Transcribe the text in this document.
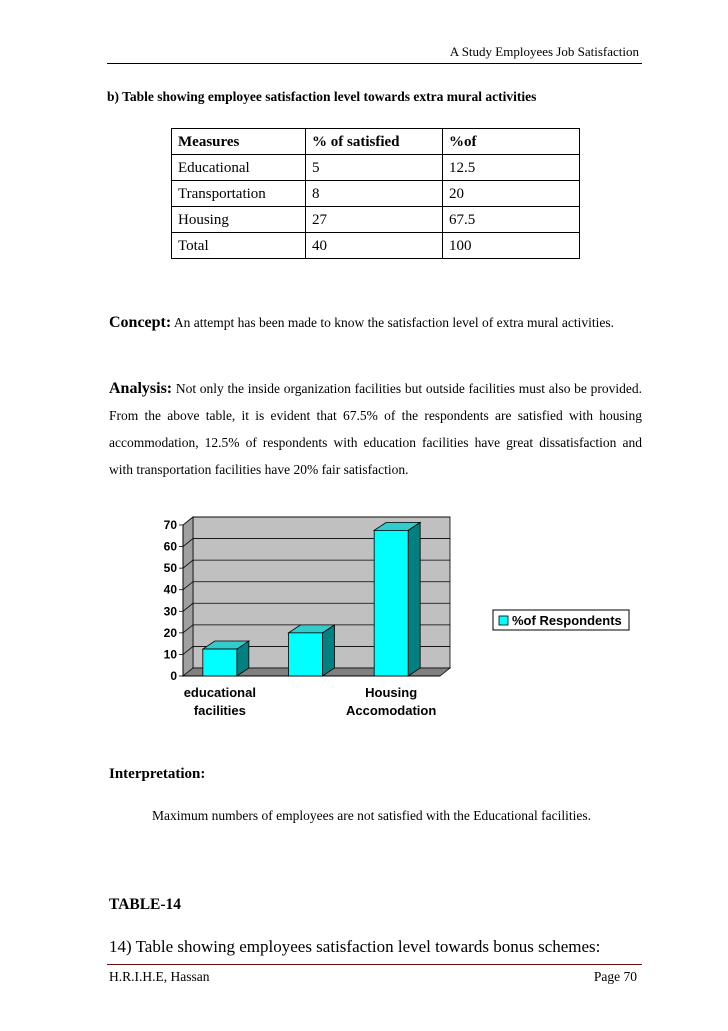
A Study Employees Job Satisfaction
b) Table showing employee satisfaction level towards extra mural activities
Measures	% of satisfied	%of
Educational	5	12.5
Transportation	8	20
Housing	27	67.5
Total	40	100
Concept: An attempt has been made to know the satisfaction level of extra mural activities.
Analysis: Not only the inside organization facilities but outside facilities must also be provided. From the above table, it is evident that 67.5% of the respondents are satisfied with housing accommodation, 12.5% of respondents with education facilities have great dissatisfaction and with transportation facilities have 20% fair satisfaction.
0
10
20
30
40
50
60
70
educational
facilities
Housing
Accomodation
%of Respondents
Interpretation:
Maximum numbers of employees are not satisfied with the Educational facilities.
TABLE-14
14) Table showing employees satisfaction level towards bonus schemes:
H.R.I.H.E, Hassan	Page 70
